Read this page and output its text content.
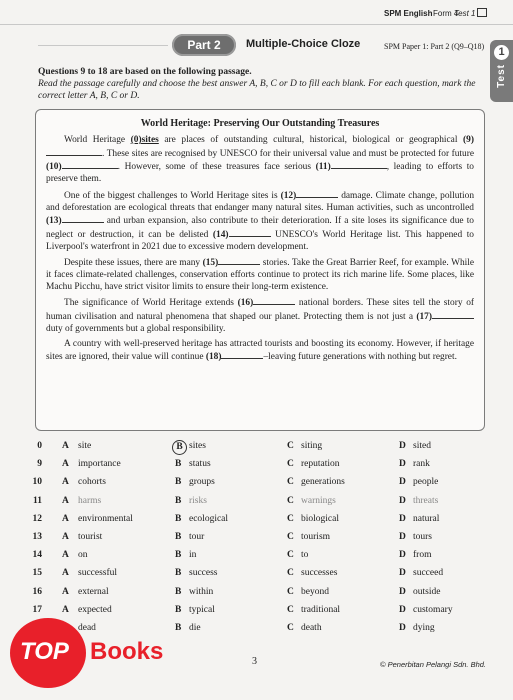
SPM English Form 4
Test 1
Part 2	Multiple-Choice Cloze	SPM Paper 1: Part 2 (Q9–Q18)	1
Test
Questions 9 to 18 are based on the following passage.
Read the passage carefully and choose the best answer A, B, C or D to fill each blank. For each question, mark the correct letter A, B, C or D.
World Heritage: Preserving Our Outstanding Treasures

World Heritage (0)sites are places of outstanding cultural, historical, biological or geographical (9). These sites are recognised by UNESCO for their universal value and must be protected for future (10)	. However, some of these treasures face serious (11)	, leading to efforts to preserve them.

One of the biggest challenges to World Heritage sites is (12)	damage. Climate change, pollution and deforestation are ecological threats that endanger many natural sites. Human activities, such as uncontrolled (13)	and urban expansion, also contribute to their deterioration. If a site loses its significance due to neglect or destruction, it can be delisted (14)	UNESCO's World Heritage list. This happened to Liverpool's waterfront in 2021 due to excessive modern development.

Despite these issues, there are many (15)	stories. Take the Great Barrier Reef, for example. While it faces climate-related challenges, conservation efforts continue to protect its rich marine life. Some places, like Machu Picchu, have strict visitor limits to ensure their long-term existence.

The significance of World Heritage extends (16)	national borders. These sites tell the story of human civilisation and natural phenomena that shaped our planet. Protecting them is not just a (17) duty of governments but a global responsibility.

A country with well-preserved heritage has attracted tourists and boosting its economy. However, if heritage sites are ignored, their value will continue (18)	–leaving future generations with nothing but regret.

0 A site	B sites	C siting	D sited
9 A importance	B status	C reputation	D rank
10 A cohorts	B groups	C generations	D people
11 A harms	B risks	C warnings	D threats
12 A environmental	B ecological	C biological	D natural
13 A tourist	B tour	C tourism	D tours
14 A on	B in	C to	D from
15 A successful	B success	C successes	D succeed
16 A external	B within	C beyond	D outside
17 A expected	B typical	C traditional	D customary
dead	B die	C death	D dying
3	© Penerbitan Pelangi Sdn. Bhd.
TOP Books
